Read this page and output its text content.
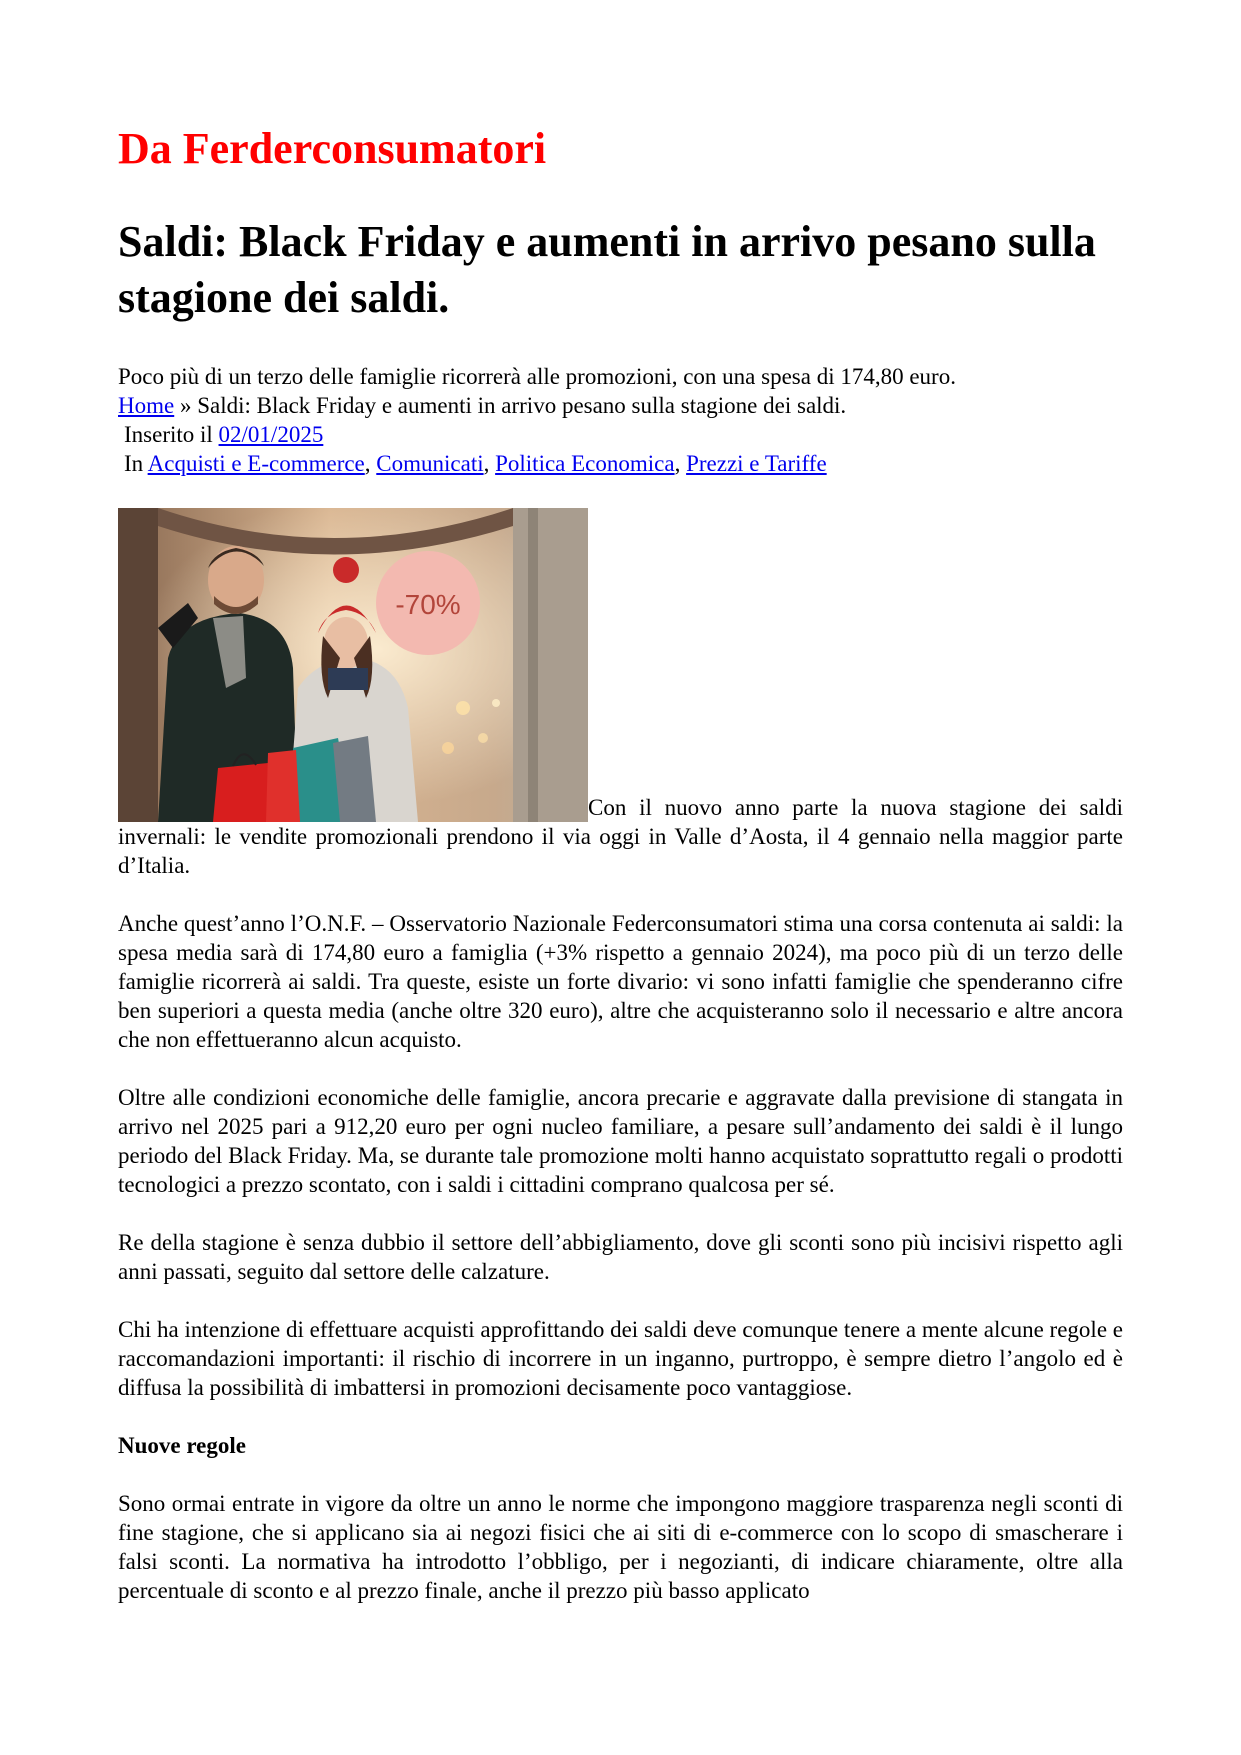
Da Ferderconsumatori
Saldi: Black Friday e aumenti in arrivo pesano sulla stagione dei saldi.
Poco più di un terzo delle famiglie ricorrerà alle promozioni, con una spesa di 174,80 euro.
Home » Saldi: Black Friday e aumenti in arrivo pesano sulla stagione dei saldi.
Inserito il 02/01/2025
In Acquisti e E-commerce, Comunicati, Politica Economica, Prezzi e Tariffe

-70%
Con il nuovo anno parte la nuova stagione dei saldi invernali: le vendite promozionali prendono il via oggi in Valle d’Aosta, il 4 gennaio nella maggior parte d’Italia.

Anche quest’anno l’O.N.F. – Osservatorio Nazionale Federconsumatori stima una corsa contenuta ai saldi: la spesa media sarà di 174,80 euro a famiglia (+3% rispetto a gennaio 2024), ma poco più di un terzo delle famiglie ricorrerà ai saldi. Tra queste, esiste un forte divario: vi sono infatti famiglie che spenderanno cifre ben superiori a questa media (anche oltre 320 euro), altre che acquisteranno solo il necessario e altre ancora che non effettueranno alcun acquisto.

Oltre alle condizioni economiche delle famiglie, ancora precarie e aggravate dalla previsione di stangata in arrivo nel 2025 pari a 912,20 euro per ogni nucleo familiare, a pesare sull’andamento dei saldi è il lungo periodo del Black Friday. Ma, se durante tale promozione molti hanno acquistato soprattutto regali o prodotti tecnologici a prezzo scontato, con i saldi i cittadini comprano qualcosa per sé.

Re della stagione è senza dubbio il settore dell’abbigliamento, dove gli sconti sono più incisivi rispetto agli anni passati, seguito dal settore delle calzature.

Chi ha intenzione di effettuare acquisti approfittando dei saldi deve comunque tenere a mente alcune regole e raccomandazioni importanti: il rischio di incorrere in un inganno, purtroppo, è sempre dietro l’angolo ed è diffusa la possibilità di imbattersi in promozioni decisamente poco vantaggiose.

Nuove regole

Sono ormai entrate in vigore da oltre un anno le norme che impongono maggiore trasparenza negli sconti di fine stagione, che si applicano sia ai negozi fisici che ai siti di e-commerce con lo scopo di smascherare i falsi sconti. La normativa ha introdotto l’obbligo, per i negozianti, di indicare chiaramente, oltre alla percentuale di sconto e al prezzo finale, anche il prezzo più basso applicato
